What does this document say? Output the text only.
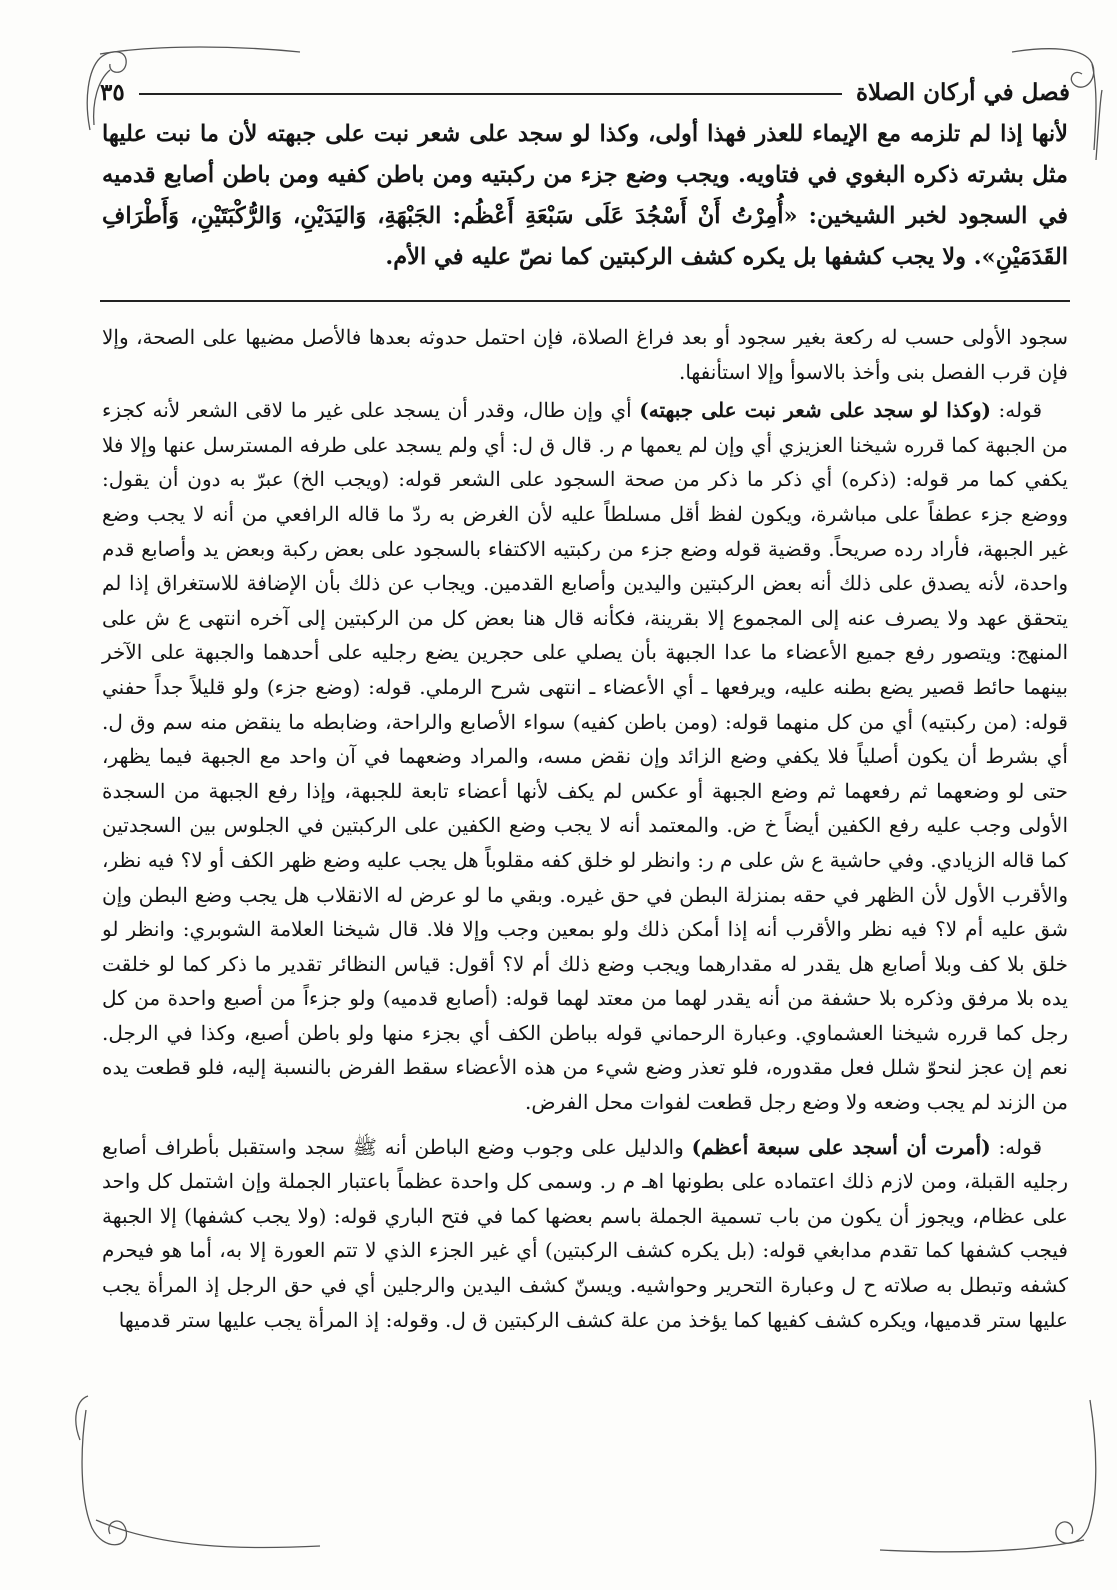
فصل في أركان الصلاة
٣٥

لأنها إذا لم تلزمه مع الإيماء للعذر فهذا أولى، وكذا لو سجد على شعر نبت على جبهته لأن ما نبت عليها مثل بشرته ذكره البغوي في فتاويه. ويجب وضع جزء من ركبتيه ومن باطن كفيه ومن باطن أصابع قدميه في السجود لخبر الشيخين: «أُمِرْتُ أَنْ أَسْجُدَ عَلَى سَبْعَةِ أَعْظُم: الجَبْهَةِ، وَاليَدَيْنِ، وَالرُّكْبَتَيْنِ، وَأَطْرَافِ القَدَمَيْنِ». ولا يجب كشفها بل يكره كشف الركبتين كما نصّ عليه في الأم.

سجود الأولى حسب له ركعة بغير سجود أو بعد فراغ الصلاة، فإن احتمل حدوثه بعدها فالأصل مضيها على الصحة، وإلا فإن قرب الفصل بنى وأخذ بالاسوأ وإلا استأنفها.

قوله: (وكذا لو سجد على شعر نبت على جبهته) أي وإن طال، وقدر أن يسجد على غير ما لاقى الشعر لأنه كجزء من الجبهة كما قرره شيخنا العزيزي أي وإن لم يعمها م ر. قال ق ل: أي ولم يسجد على طرفه المسترسل عنها وإلا فلا يكفي كما مر قوله: (ذكره) أي ذكر ما ذكر من صحة السجود على الشعر قوله: (ويجب الخ) عبرّ به دون أن يقول: ووضع جزء عطفاً على مباشرة، ويكون لفظ أقل مسلطاً عليه لأن الغرض به ردّ ما قاله الرافعي من أنه لا يجب وضع غير الجبهة، فأراد رده صريحاً. وقضية قوله وضع جزء من ركبتيه الاكتفاء بالسجود على بعض ركبة وبعض يد وأصابع قدم واحدة، لأنه يصدق على ذلك أنه بعض الركبتين واليدين وأصابع القدمين. ويجاب عن ذلك بأن الإضافة للاستغراق إذا لم يتحقق عهد ولا يصرف عنه إلى المجموع إلا بقرينة، فكأنه قال هنا بعض كل من الركبتين إلى آخره انتهى ع ش على المنهج: ويتصور رفع جميع الأعضاء ما عدا الجبهة بأن يصلي على حجرين يضع رجليه على أحدهما والجبهة على الآخر بينهما حائط قصير يضع بطنه عليه، ويرفعها ـ أي الأعضاء ـ انتهى شرح الرملي. قوله: (وضع جزء) ولو قليلاً جداً حفني قوله: (من ركبتيه) أي من كل منهما قوله: (ومن باطن كفيه) سواء الأصابع والراحة، وضابطه ما ينقض منه سم وق ل. أي بشرط أن يكون أصلياً فلا يكفي وضع الزائد وإن نقض مسه، والمراد وضعهما في آن واحد مع الجبهة فيما يظهر، حتى لو وضعهما ثم رفعهما ثم وضع الجبهة أو عكس لم يكف لأنها أعضاء تابعة للجبهة، وإذا رفع الجبهة من السجدة الأولى وجب عليه رفع الكفين أيضاً خ ض. والمعتمد أنه لا يجب وضع الكفين على الركبتين في الجلوس بين السجدتين كما قاله الزيادي. وفي حاشية ع ش على م ر: وانظر لو خلق كفه مقلوباً هل يجب عليه وضع ظهر الكف أو لا؟ فيه نظر، والأقرب الأول لأن الظهر في حقه بمنزلة البطن في حق غيره. وبقي ما لو عرض له الانقلاب هل يجب وضع البطن وإن شق عليه أم لا؟ فيه نظر والأقرب أنه إذا أمكن ذلك ولو بمعين وجب وإلا فلا. قال شيخنا العلامة الشوبري: وانظر لو خلق بلا كف وبلا أصابع هل يقدر له مقدارهما ويجب وضع ذلك أم لا؟ أقول: قياس النظائر تقدير ما ذكر كما لو خلقت يده بلا مرفق وذكره بلا حشفة من أنه يقدر لهما من معتد لهما قوله: (أصابع قدميه) ولو جزءاً من أصبع واحدة من كل رجل كما قرره شيخنا العشماوي. وعبارة الرحماني قوله بباطن الكف أي بجزء منها ولو باطن أصبع، وكذا في الرجل. نعم إن عجز لنحوّ شلل فعل مقدوره، فلو تعذر وضع شيء من هذه الأعضاء سقط الفرض بالنسبة إليه، فلو قطعت يده من الزند لم يجب وضعه ولا وضع رجل قطعت لفوات محل الفرض.

قوله: (أمرت أن أسجد على سبعة أعظم) والدليل على وجوب وضع الباطن أنه ﷺ سجد واستقبل بأطراف أصابع رجليه القبلة، ومن لازم ذلك اعتماده على بطونها اهـ م ر. وسمى كل واحدة عظماً باعتبار الجملة وإن اشتمل كل واحد على عظام، ويجوز أن يكون من باب تسمية الجملة باسم بعضها كما في فتح الباري قوله: (ولا يجب كشفها) إلا الجبهة فيجب كشفها كما تقدم مدابغي قوله: (بل يكره كشف الركبتين) أي غير الجزء الذي لا تتم العورة إلا به، أما هو فيحرم كشفه وتبطل به صلاته ح ل وعبارة التحرير وحواشيه. ويسنّ كشف اليدين والرجلين أي في حق الرجل إذ المرأة يجب عليها ستر قدميها، ويكره كشف كفيها كما يؤخذ من علة كشف الركبتين ق ل. وقوله: إذ المرأة يجب عليها ستر قدميها
